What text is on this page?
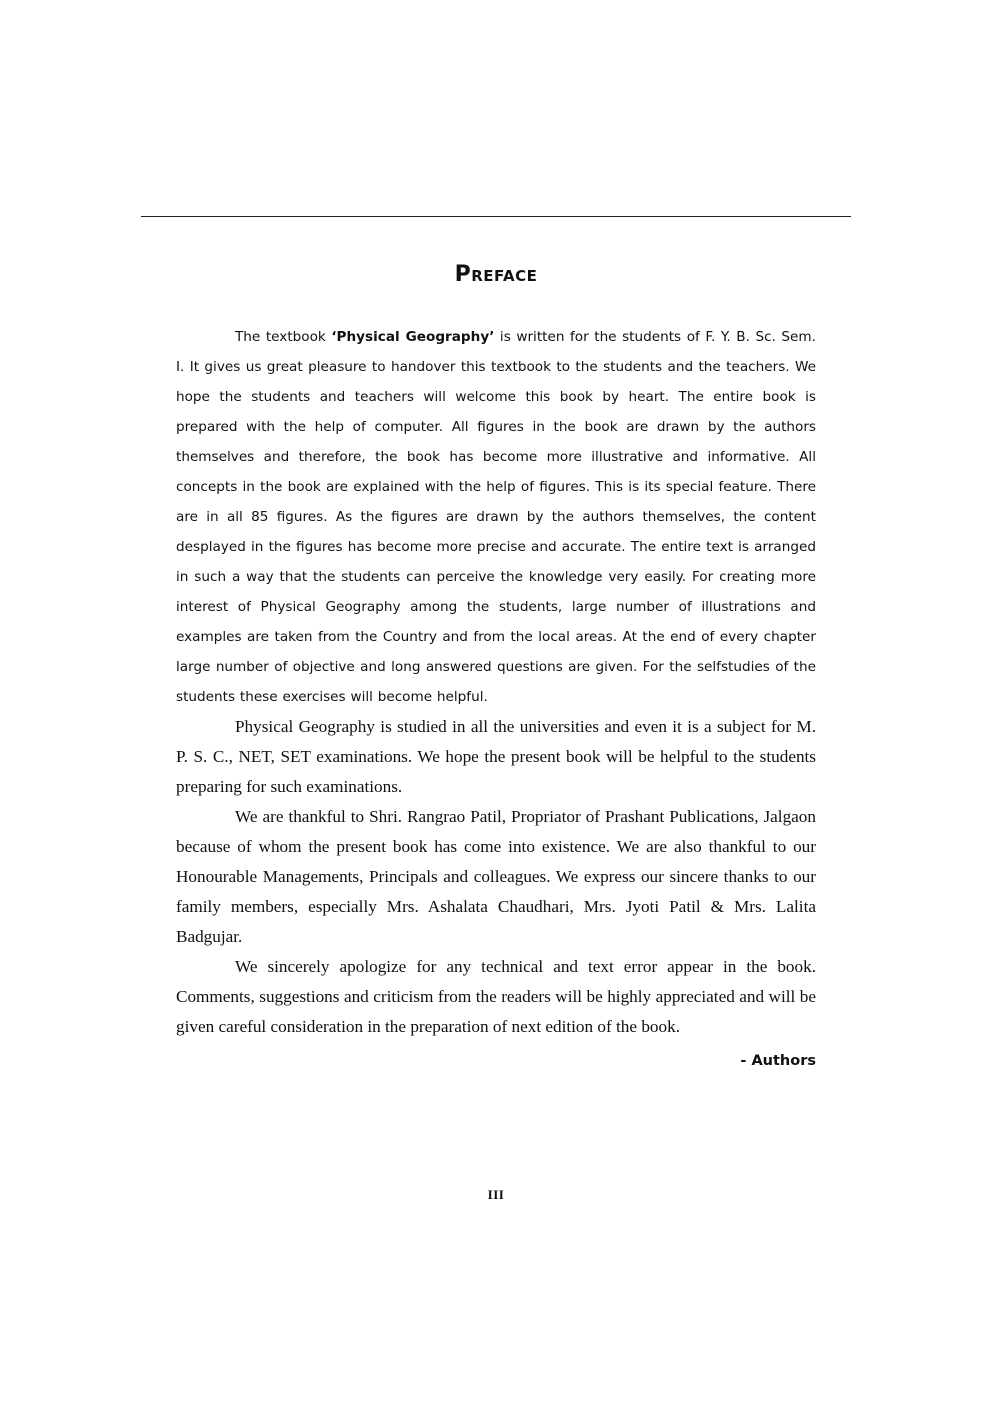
Preface

The textbook ‘Physical Geography’ is written for the students of F. Y. B. Sc. Sem. I. It gives us great pleasure to handover this textbook to the students and the teachers. We hope the students and teachers will welcome this book by heart. The entire book is prepared with the help of computer. All figures in the book are drawn by the authors themselves and therefore, the book has become more illustrative and informative. All concepts in the book are explained with the help of figures. This is its special feature. There are in all 85 figures. As the figures are drawn by the authors themselves, the content desplayed in the figures has become more precise and accurate. The entire text is arranged in such a way that the students can perceive the knowledge very easily. For creating more interest of Physical Geography among the students, large number of illustrations and examples are taken from the Country and from the local areas. At the end of every chapter large number of objective and long answered questions are given. For the selfstudies of the students these exercises will become helpful.

Physical Geography is studied in all the universities and even it is a subject for M. P. S. C., NET, SET examinations. We hope the present book will be helpful to the students preparing for such examinations.

We are thankful to Shri. Rangrao Patil, Propriator of Prashant Publications, Jalgaon because of whom the present book has come into existence. We are also thankful to our Honourable Managements, Principals and colleagues. We express our sincere thanks to our family members, especially Mrs. Ashalata Chaudhari, Mrs. Jyoti Patil & Mrs. Lalita Badgujar.

We sincerely apologize for any technical and text error appear in the book. Comments, suggestions and criticism from the readers will be highly appreciated and will be given careful consideration in the preparation of next edition of the book.

- Authors
III
